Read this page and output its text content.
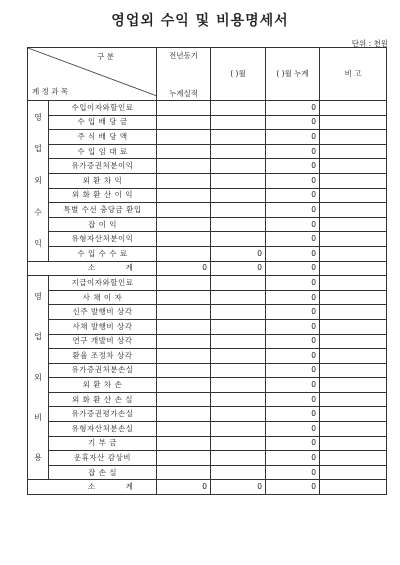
영업외 수익 및 비용명세서
단위 : 천원
구 분
계 정 과 목		전년동기
누계실적	( )월	( )월 누계	비 고

영
업
외
수
익	수입이자와할인료			0	
	수 입 배 당 금			0	
	주 식 배 당 액			0	
	수 입 임 대 료			0	
	유가증권처분이익			0	
	외 환 차 익			0	
	외 화 환 산 이 익			0	
	특별 수선 충당금 환입			0	
	잡 이 익			0	
	유형자산처분이익			0	
	수 입 수 수 료		0	0	
소 계		0	0	0	

영
업
외
비
용	지급이자와할인료			0	
	사 채 이 자			0	
	신주 발행비 상각			0	
	사채 발행비 상각			0	
	연구 개발비 상각			0	
	환율 조정차 상각			0	
	유가증권처분손실			0	
	외 환 차 손			0	
	외 화 환 산 손 실			0	
	유가증권평가손실			0	
	유형자산처분손실			0	
	기 부 금			0	
	운휴자산 감상비			0	
	잡 손 실			0	
소 계		0	0	0	
